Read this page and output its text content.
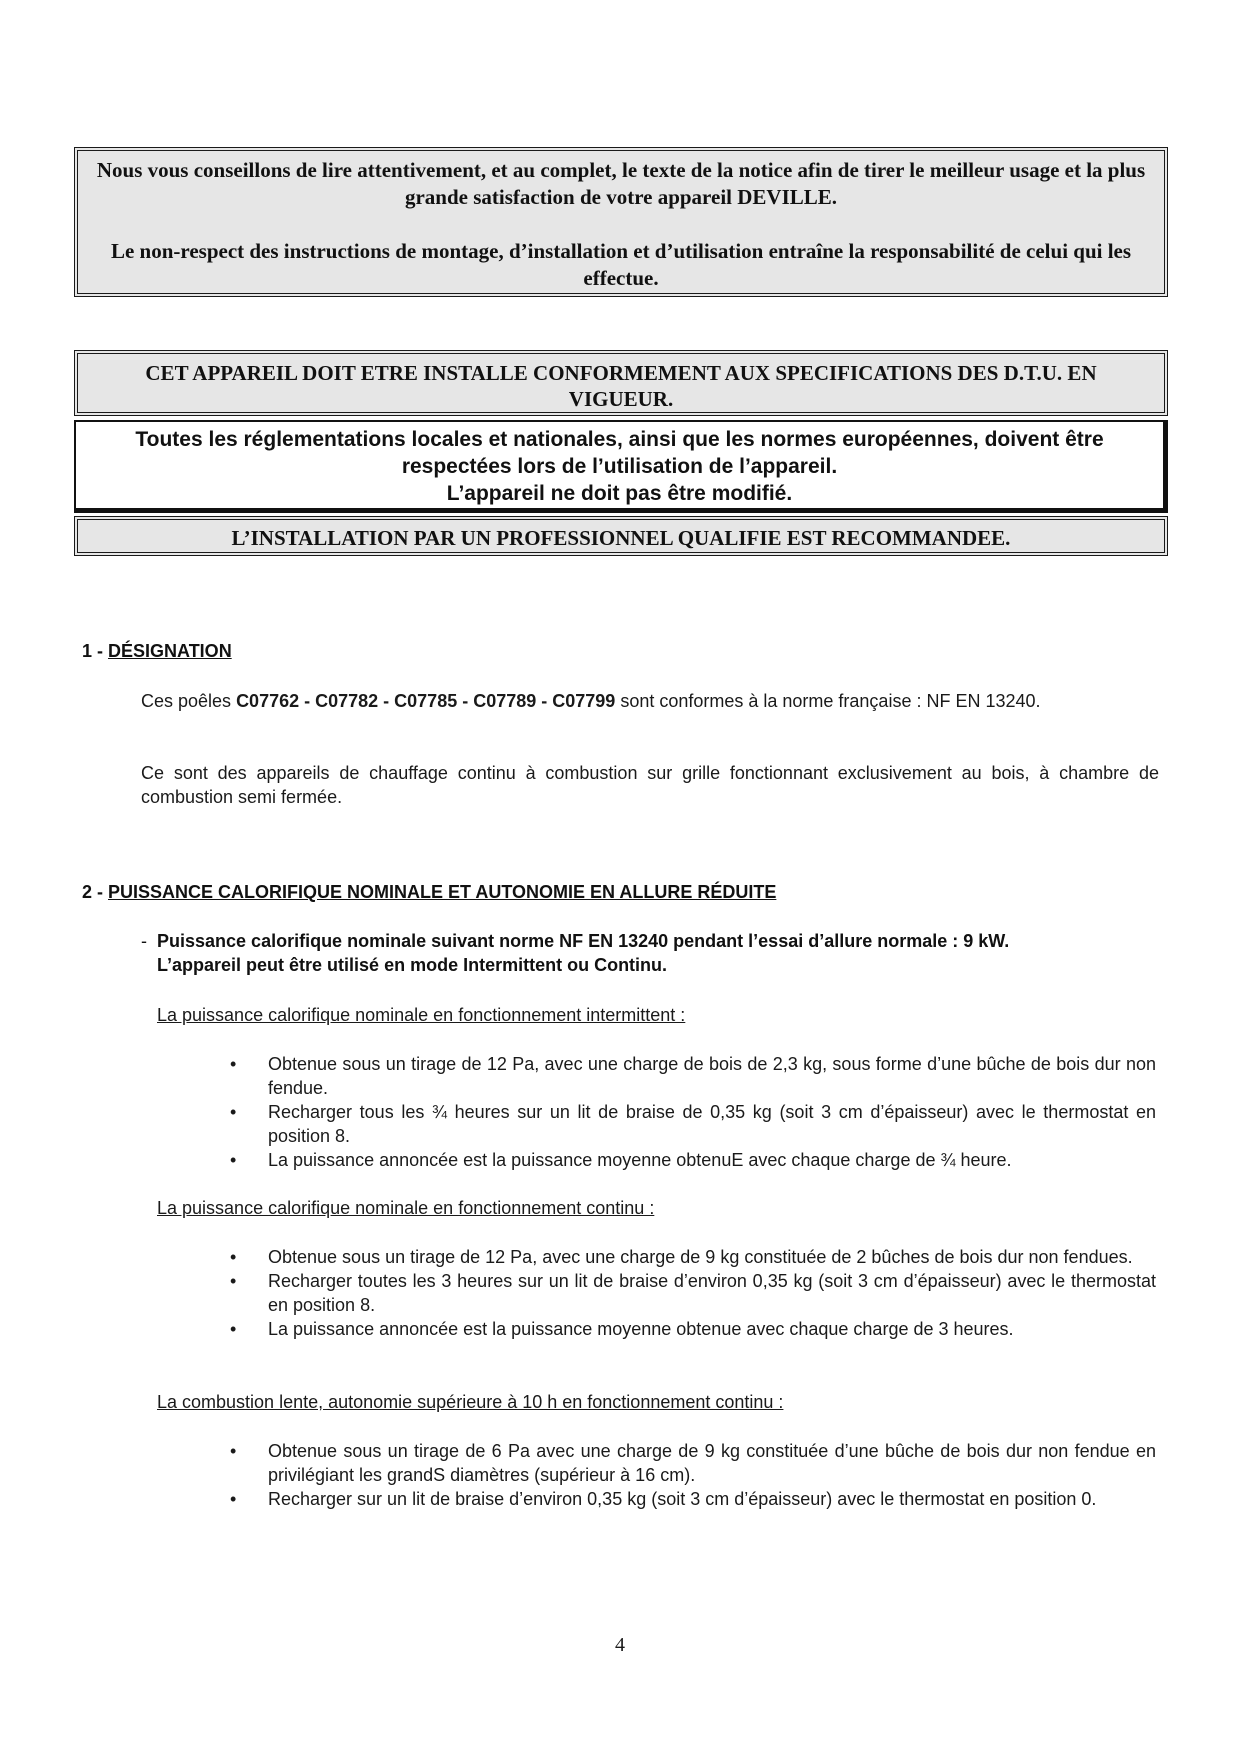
Nous vous conseillons de lire attentivement, et au complet, le texte de la notice afin de tirer le meilleur usage et la plus grande satisfaction de votre appareil DEVILLE.

Le non-respect des instructions de montage, d’installation et d’utilisation entraîne la responsabilité de celui qui les effectue.

CET APPAREIL DOIT ETRE INSTALLE CONFORMEMENT AUX SPECIFICATIONS DES D.T.U. EN VIGUEUR.
Toutes les réglementations locales et nationales, ainsi que les normes européennes, doivent être respectées lors de l’utilisation de l’appareil.
L’appareil ne doit pas être modifié.
L’INSTALLATION PAR UN PROFESSIONNEL QUALIFIE EST RECOMMANDEE.
1 - DÉSIGNATION

Ces poêles C07762 - C07782 - C07785 - C07789 - C07799 sont conformes à la norme française : NF EN 13240.

Ce sont des appareils de chauffage continu à combustion sur grille fonctionnant exclusivement au bois, à chambre de combustion semi fermée.

2 - PUISSANCE CALORIFIQUE NOMINALE ET AUTONOMIE EN ALLURE RÉDUITE
- Puissance calorifique nominale suivant norme NF EN 13240 pendant l’essai d’allure normale : 9 kW.
L’appareil peut être utilisé en mode Intermittent ou Continu.
La puissance calorifique nominale en fonctionnement intermittent :
• Obtenue sous un tirage de 12 Pa, avec une charge de bois de 2,3 kg, sous forme d’une bûche de bois dur non fendue.
• Recharger tous les ¾ heures sur un lit de braise de 0,35 kg (soit 3 cm d’épaisseur) avec le thermostat en position 8.
• La puissance annoncée est la puissance moyenne obtenuE avec chaque charge de ¾ heure.
La puissance calorifique nominale en fonctionnement continu :
• Obtenue sous un tirage de 12 Pa, avec une charge de 9 kg constituée de 2 bûches de bois dur non fendues.
• Recharger toutes les 3 heures sur un lit de braise d’environ 0,35 kg (soit 3 cm d’épaisseur) avec le thermostat en position 8.
• La puissance annoncée est la puissance moyenne obtenue avec chaque charge de 3 heures.
La combustion lente, autonomie supérieure à 10 h en fonctionnement continu :
• Obtenue sous un tirage de 6 Pa avec une charge de 9 kg constituée d’une bûche de bois dur non fendue en privilégiant les grandS diamètres (supérieur à 16 cm).
• Recharger sur un lit de braise d’environ 0,35 kg (soit 3 cm d’épaisseur) avec le thermostat en position 0.
4
